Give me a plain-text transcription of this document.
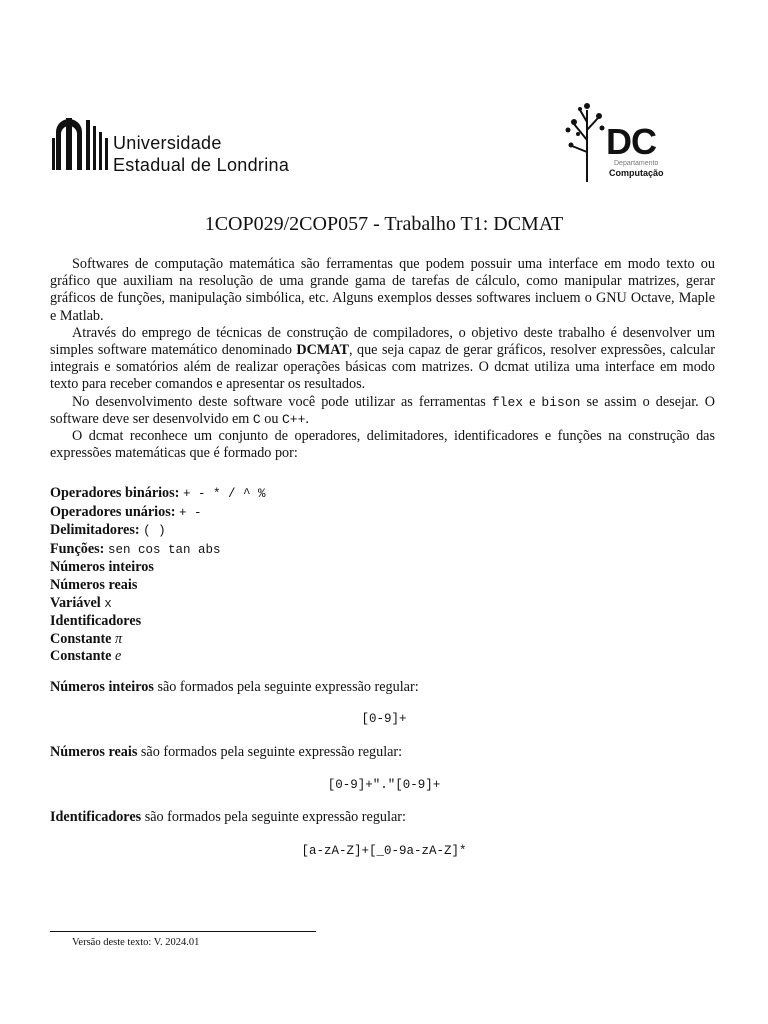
Universidade
Estadual de Londrina
DC
Departamento
Computação
1COP029/2COP057 - Trabalho T1: DCMAT

Softwares de computação matemática são ferramentas que podem possuir uma interface em modo texto ou gráfico que auxiliam na resolução de uma grande gama de tarefas de cálculo, como manipular matrizes, gerar gráficos de funções, manipulação simbólica, etc. Alguns exemplos desses softwares incluem o GNU Octave, Maple e Matlab.

Através do emprego de técnicas de construção de compiladores, o objetivo deste trabalho é desenvolver um simples software matemático denominado DCMAT, que seja capaz de gerar gráficos, resolver expressões, calcular integrais e somatórios além de realizar operações básicas com matrizes. O dcmat utiliza uma interface em modo texto para receber comandos e apresentar os resultados.

No desenvolvimento deste software você pode utilizar as ferramentas flex e bison se assim o desejar. O software deve ser desenvolvido em C ou C++.

O dcmat reconhece um conjunto de operadores, delimitadores, identificadores e funções na construção das expressões matemáticas que é formado por:

Operadores binários: + - * / ^ %
Operadores unários: + -
Delimitadores: ( )
Funções: sen cos tan abs
Números inteiros
Números reais
Variável x
Identificadores
Constante π
Constante e
Números inteiros são formados pela seguinte expressão regular:
[0-9]+
Números reais são formados pela seguinte expressão regular:
[0-9]+"."[0-9]+
Identificadores são formados pela seguinte expressão regular:
[a-zA-Z]+[_0-9a-zA-Z]*
Versão deste texto: V. 2024.01
